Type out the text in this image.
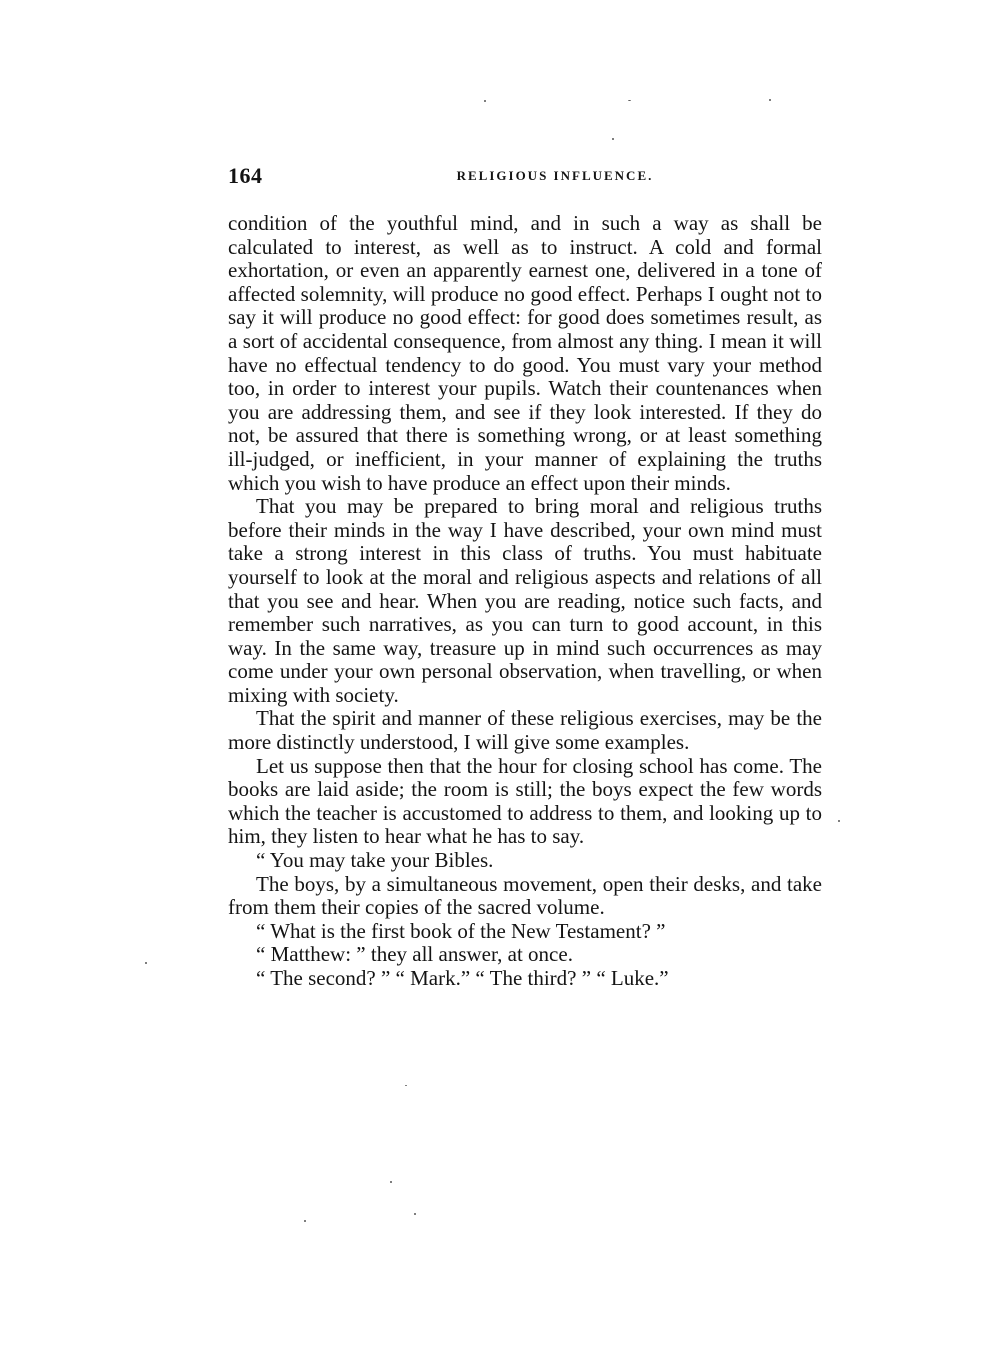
164	RELIGIOUS INFLUENCE.

condition of the youthful mind, and in such a way as shall be calculated to interest, as well as to instruct. A cold and formal exhortation, or even an apparently earnest one, delivered in a tone of affected solemnity, will produce no good effect. Perhaps I ought not to say it will produce no good effect: for good does sometimes result, as a sort of accidental consequence, from almost any thing. I mean it will have no effectual tendency to do good. You must vary your method too, in order to interest your pupils. Watch their countenances when you are addressing them, and see if they look interested. If they do not, be assured that there is something wrong, or at least something ill-judged, or inefficient, in your manner of explaining the truths which you wish to have produce an effect upon their minds.

That you may be prepared to bring moral and religious truths before their minds in the way I have described, your own mind must take a strong interest in this class of truths. You must habituate yourself to look at the moral and religious aspects and relations of all that you see and hear. When you are reading, notice such facts, and remember such narratives, as you can turn to good account, in this way. In the same way, treasure up in mind such occurrences as may come under your own personal observation, when travelling, or when mixing with society.

That the spirit and manner of these religious exercises, may be the more distinctly understood, I will give some examples.

Let us suppose then that the hour for closing school has come. The books are laid aside; the room is still; the boys expect the few words which the teacher is accustomed to address to them, and looking up to him, they listen to hear what he has to say.

“ You may take your Bibles.

The boys, by a simultaneous movement, open their desks, and take from them their copies of the sacred volume.

“ What is the first book of the New Testament? ”

“ Matthew: ” they all answer, at once.

“ The second? ” “ Mark.” “ The third? ” “ Luke.”
